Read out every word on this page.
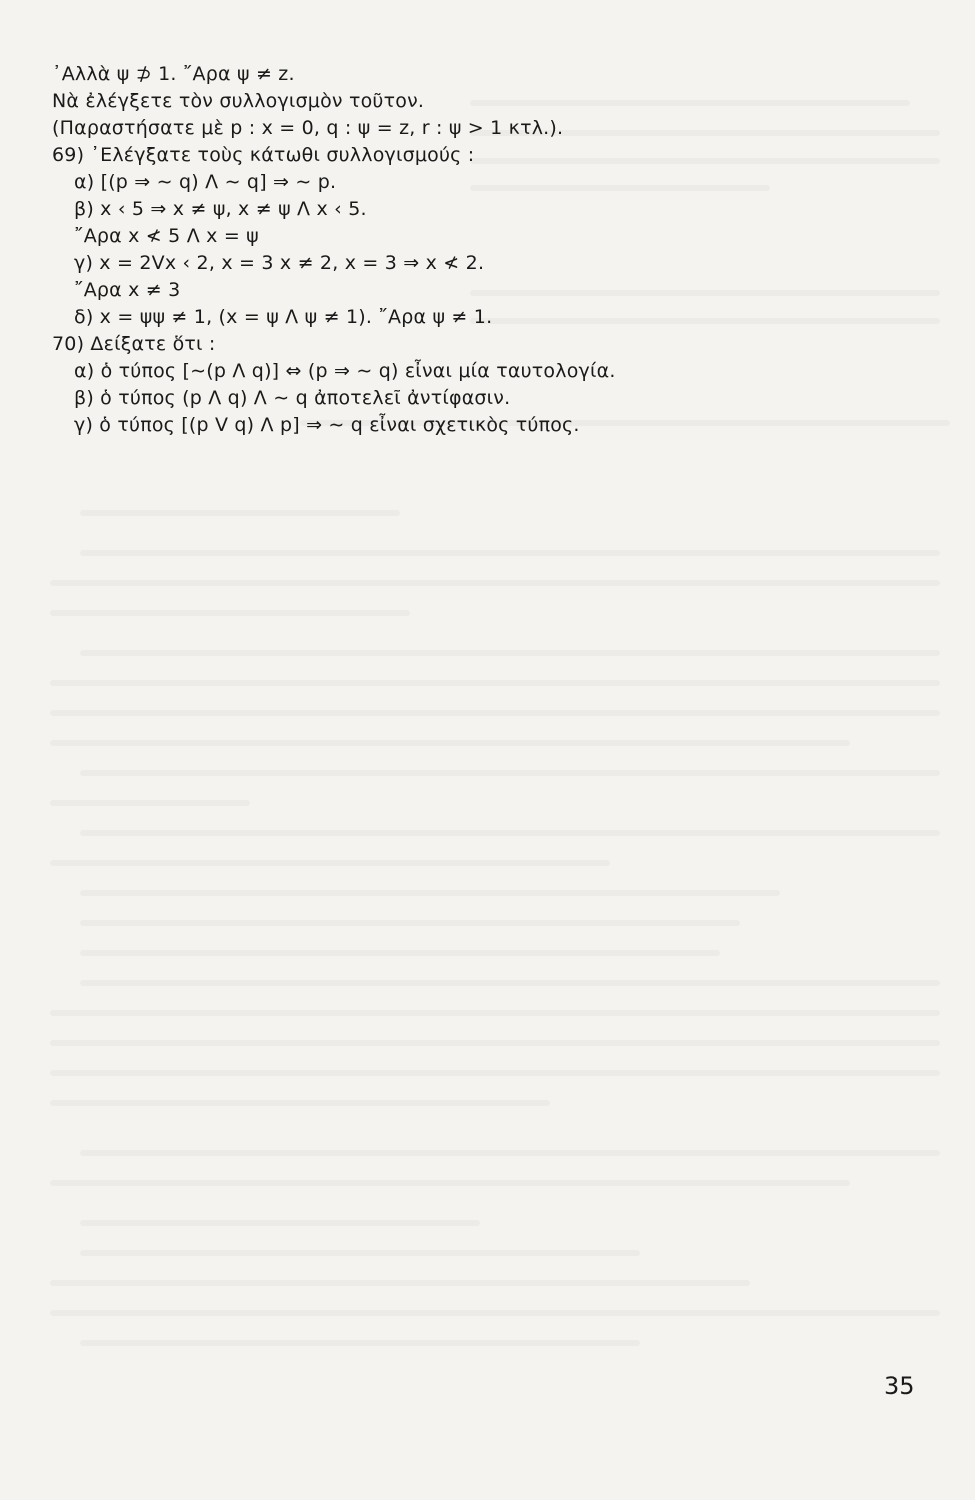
᾿Αλλὰ ψ ⊅ 1. ῎Αρα ψ ≠ z.
Νὰ ἐλέγξετε τὸν συλλογισμὸν τοῦτον.
(Παραστήσατε μὲ p : x = 0, q : ψ = z, r : ψ > 1 κτλ.).
69) ᾿Ελέγξατε τοὺς κάτωθι συλλογισμούς :
α) [(p ⇒ ∼ q) Λ ∼ q] ⇒ ∼ p.
β) x ‹ 5 ⇒ x ≠ ψ, x ≠ ψ Λ x ‹ 5.
῎Αρα x ≮ 5 Λ x = ψ
γ) x = 2Vx ‹ 2, x = 3 x ≠ 2, x = 3 ⇒ x ≮ 2.
῎Αρα x ≠ 3
δ) x = ψψ ≠ 1, (x = ψ Λ ψ ≠ 1). ῎Αρα ψ ≠ 1.
70) Δείξατε ὅτι :
α) ὁ τύπος [∼(p Λ q)] ⇔ (p ⇒ ∼ q) εἶναι μία ταυτολογία.
β) ὁ τύπος (p Λ q) Λ ∼ q ἀποτελεῖ ἀντίφασιν.
γ) ὁ τύπος [(p V q) Λ p] ⇒ ∼ q εἶναι σχετικὸς τύπος.
35
